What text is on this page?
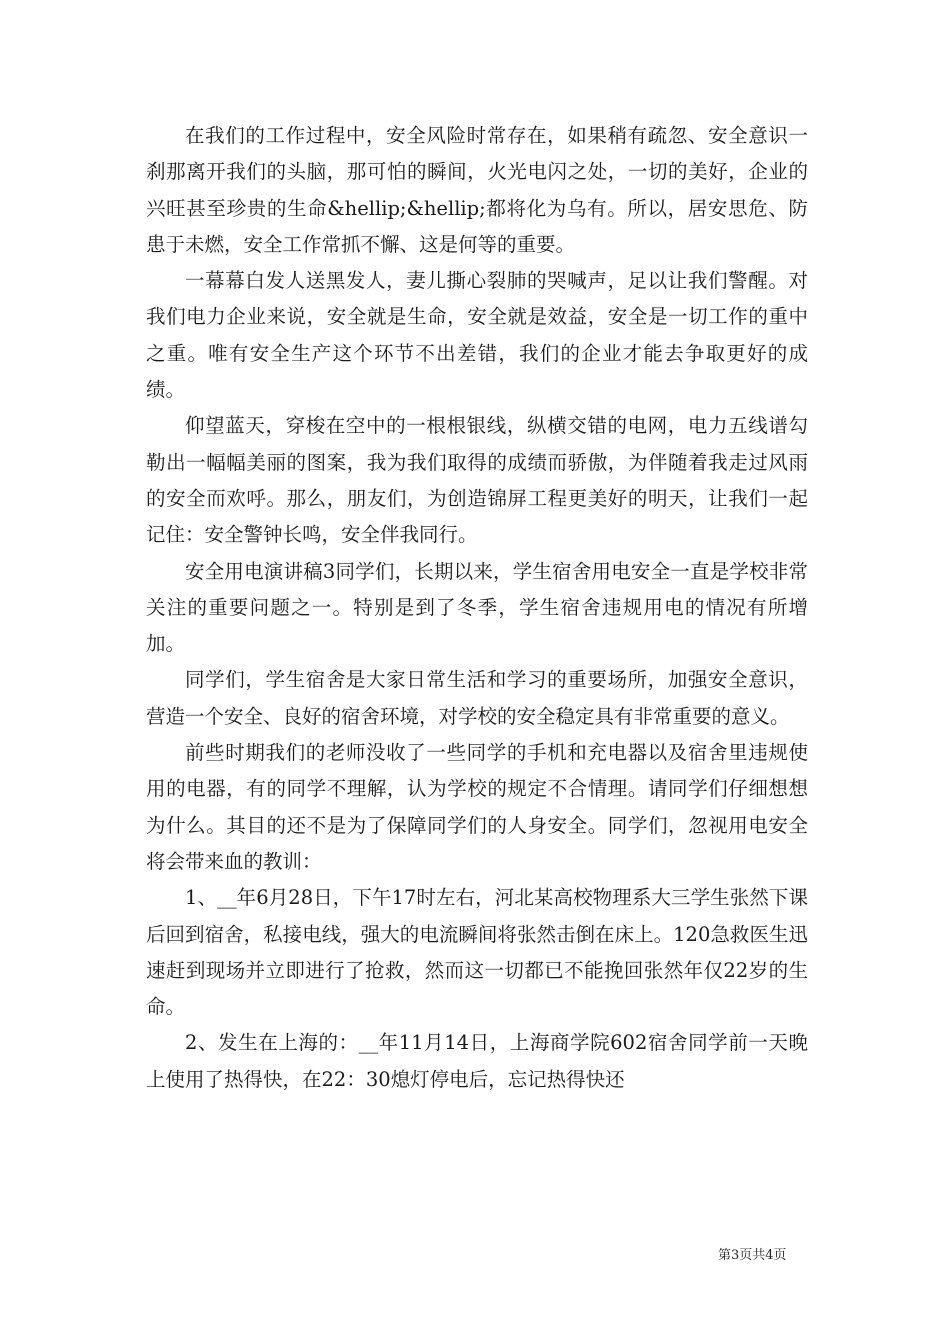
在我们的工作过程中，安全风险时常存在，如果稍有疏忽、安全意识一刹那离开我们的头脑，那可怕的瞬间，火光电闪之处，一切的美好，企业的兴旺甚至珍贵的生命&hellip;&hellip;都将化为乌有。所以，居安思危、防患于未燃，安全工作常抓不懈、这是何等的重要。

一幕幕白发人送黑发人，妻儿撕心裂肺的哭喊声，足以让我们警醒。对我们电力企业来说，安全就是生命，安全就是效益，安全是一切工作的重中之重。唯有安全生产这个环节不出差错，我们的企业才能去争取更好的成绩。

仰望蓝天，穿梭在空中的一根根银线，纵横交错的电网，电力五线谱勾勒出一幅幅美丽的图案，我为我们取得的成绩而骄傲，为伴随着我走过风雨的安全而欢呼。那么，朋友们，为创造锦屏工程更美好的明天，让我们一起记住：安全警钟长鸣，安全伴我同行。

安全用电演讲稿3同学们，长期以来，学生宿舍用电安全一直是学校非常关注的重要问题之一。特别是到了冬季，学生宿舍违规用电的情况有所增加。

同学们，学生宿舍是大家日常生活和学习的重要场所，加强安全意识，营造一个安全、良好的宿舍环境，对学校的安全稳定具有非常重要的意义。

前些时期我们的老师没收了一些同学的手机和充电器以及宿舍里违规使用的电器，有的同学不理解，认为学校的规定不合情理。请同学们仔细想想为什么。其目的还不是为了保障同学们的人身安全。同学们，忽视用电安全将会带来血的教训：

1、__年6月28日，下午17时左右，河北某高校物理系大三学生张然下课后回到宿舍，私接电线，强大的电流瞬间将张然击倒在床上。120急救医生迅速赶到现场并立即进行了抢救，然而这一切都已不能挽回张然年仅22岁的生命。

2、发生在上海的：__年11月14日，上海商学院602宿舍同学前一天晚上使用了热得快，在22：30熄灯停电后，忘记热得快还

第3页共4页
